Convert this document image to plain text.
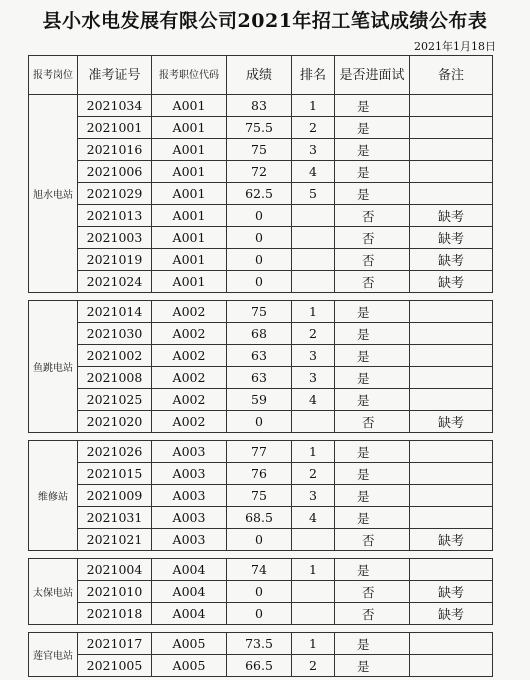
县小水电发展有限公司2021年招工笔试成绩公布表
2021年1月18日
报考岗位	准考证号	报考职位代码	成绩	排名	是否进面试	备注
旭水电站	2021034	A001	83	1	是	
	2021001	A001	75.5	2	是	
	2021016	A001	75	3	是	
	2021006	A001	72	4	是	
	2021029	A001	62.5	5	是	
	2021013	A001	0		否	缺考
	2021003	A001	0		否	缺考
	2021019	A001	0		否	缺考
	2021024	A001	0		否	缺考

鱼跳电站	2021014	A002	75	1	是	
	2021030	A002	68	2	是	
	2021002	A002	63	3	是	
	2021008	A002	63	3	是	
	2021025	A002	59	4	是	
	2021020	A002	0		否	缺考

维修站	2021026	A003	77	1	是	
	2021015	A003	76	2	是	
	2021009	A003	75	3	是	
	2021031	A003	68.5	4	是	
	2021021	A003	0		否	缺考

太保电站	2021004	A004	74	1	是	
	2021010	A004	0		否	缺考
	2021018	A004	0		否	缺考

莲官电站	2021017	A005	73.5	1	是	
	2021005	A005	66.5	2	是	
